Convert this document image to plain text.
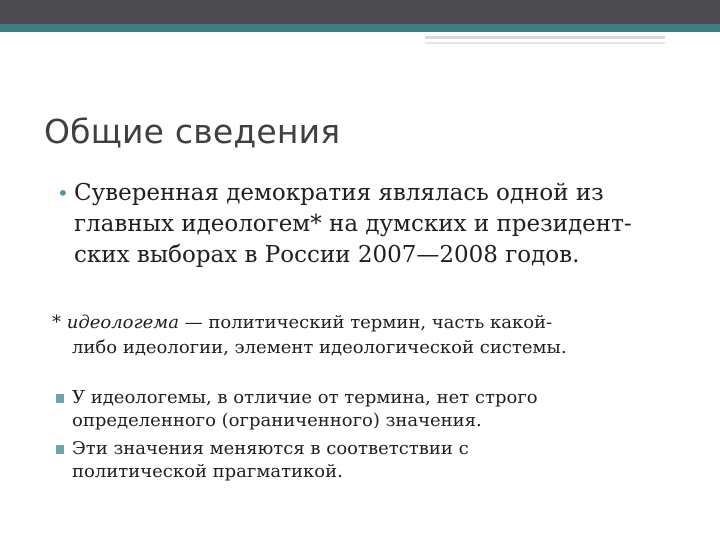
Общие сведения
• Суверенная демократия являлась одной из
главных идеологем* на думских и президент-
ских выборах в России 2007—2008 годов.
* идеологема — политический термин, часть какой-
либо идеологии, элемент идеологической системы.
У идеологемы, в отличие от термина, нет строго
определенного (ограниченного) значения.
Эти значения меняются в соответствии с
политической прагматикой.
